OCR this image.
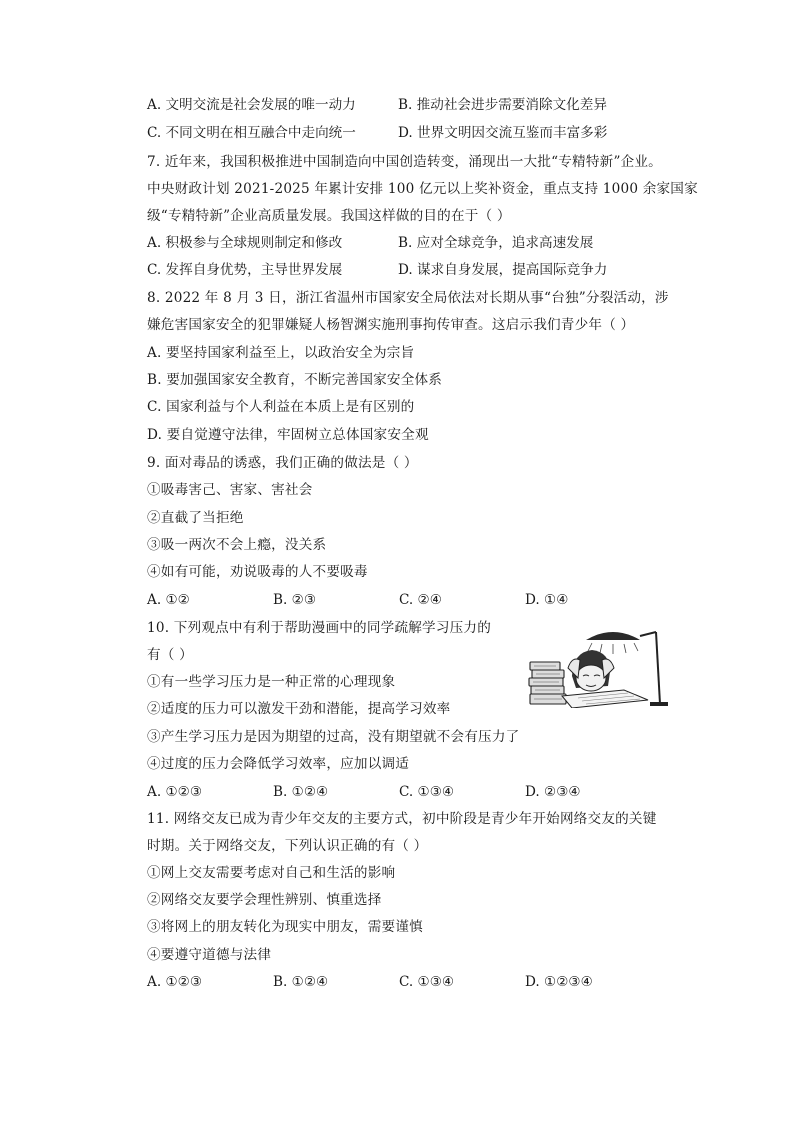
A. 文明交流是社会发展的唯一动力	B. 推动社会进步需要消除文化差异
C. 不同文明在相互融合中走向统一	D. 世界文明因交流互鉴而丰富多彩
7. 近年来，我国积极推进中国制造向中国创造转变，涌现出一大批“专精特新”企业。
中央财政计划 2021-2025 年累计安排 100 亿元以上奖补资金，重点支持 1000 余家国家
级“专精特新”企业高质量发展。我国这样做的目的在于（ ）
A. 积极参与全球规则制定和修改	B. 应对全球竞争，追求高速发展
C. 发挥自身优势，主导世界发展	D. 谋求自身发展，提高国际竞争力
8. 2022 年 8 月 3 日，浙江省温州市国家安全局依法对长期从事“台独”分裂活动，涉
嫌危害国家安全的犯罪嫌疑人杨智渊实施刑事拘传审查。这启示我们青少年（ ）
A. 要坚持国家利益至上，以政治安全为宗旨
B. 要加强国家安全教育，不断完善国家安全体系
C. 国家利益与个人利益在本质上是有区别的
D. 要自觉遵守法律，牢固树立总体国家安全观
9. 面对毒品的诱惑，我们正确的做法是（ ）
①吸毒害己、害家、害社会
②直截了当拒绝
③吸一两次不会上瘾，没关系
④如有可能，劝说吸毒的人不要吸毒
A. ①②	B. ②③	C. ②④	D. ①④
10. 下列观点中有利于帮助漫画中的同学疏解学习压力的
有（ ）
①有一些学习压力是一种正常的心理现象
②适度的压力可以激发干劲和潜能，提高学习效率
③产生学习压力是因为期望的过高，没有期望就不会有压力了
④过度的压力会降低学习效率，应加以调适
A. ①②③	B. ①②④	C. ①③④	D. ②③④
11. 网络交友已成为青少年交友的主要方式，初中阶段是青少年开始网络交友的关键
时期。关于网络交友，下列认识正确的有（ ）
①网上交友需要考虑对自己和生活的影响
②网络交友要学会理性辨别、慎重选择
③将网上的朋友转化为现实中朋友，需要谨慎
④要遵守道德与法律
A. ①②③	B. ①②④	C. ①③④	D. ①②③④
